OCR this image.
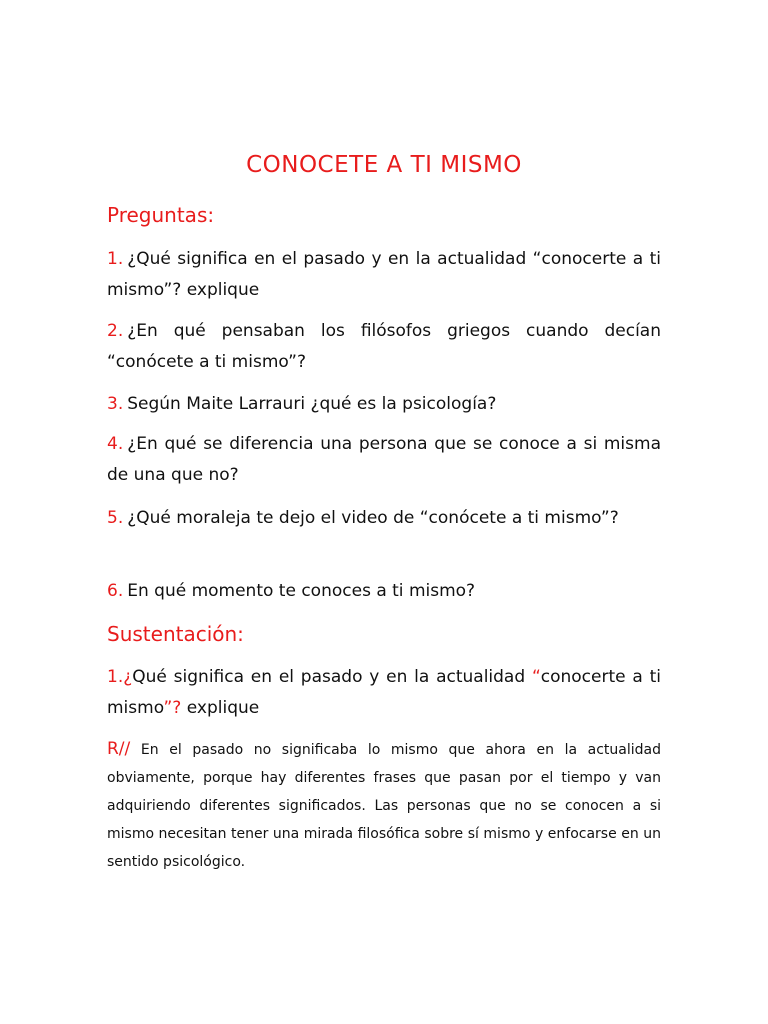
CONOCETE A TI MISMO
Preguntas:
1. ¿Qué significa en el pasado y en la actualidad “conocerte a ti mismo”? explique
2. ¿En qué pensaban los filósofos griegos cuando decían “conócete a ti mismo”?
3. Según Maite Larrauri ¿qué es la psicología?
4. ¿En qué se diferencia una persona que se conoce a si misma de una que no?
5. ¿Qué moraleja te dejo el video de “conócete a ti mismo”?
6. En qué momento te conoces a ti mismo?
Sustentación:
1.¿Qué significa en el pasado y en la actualidad “conocerte a ti mismo”? explique
R// En el pasado no significaba lo mismo que ahora en la actualidad obviamente, porque hay diferentes frases que pasan por el tiempo y van adquiriendo diferentes significados. Las personas que no se conocen a si mismo necesitan tener una mirada filosófica sobre sí mismo y enfocarse en un sentido psicológico.
